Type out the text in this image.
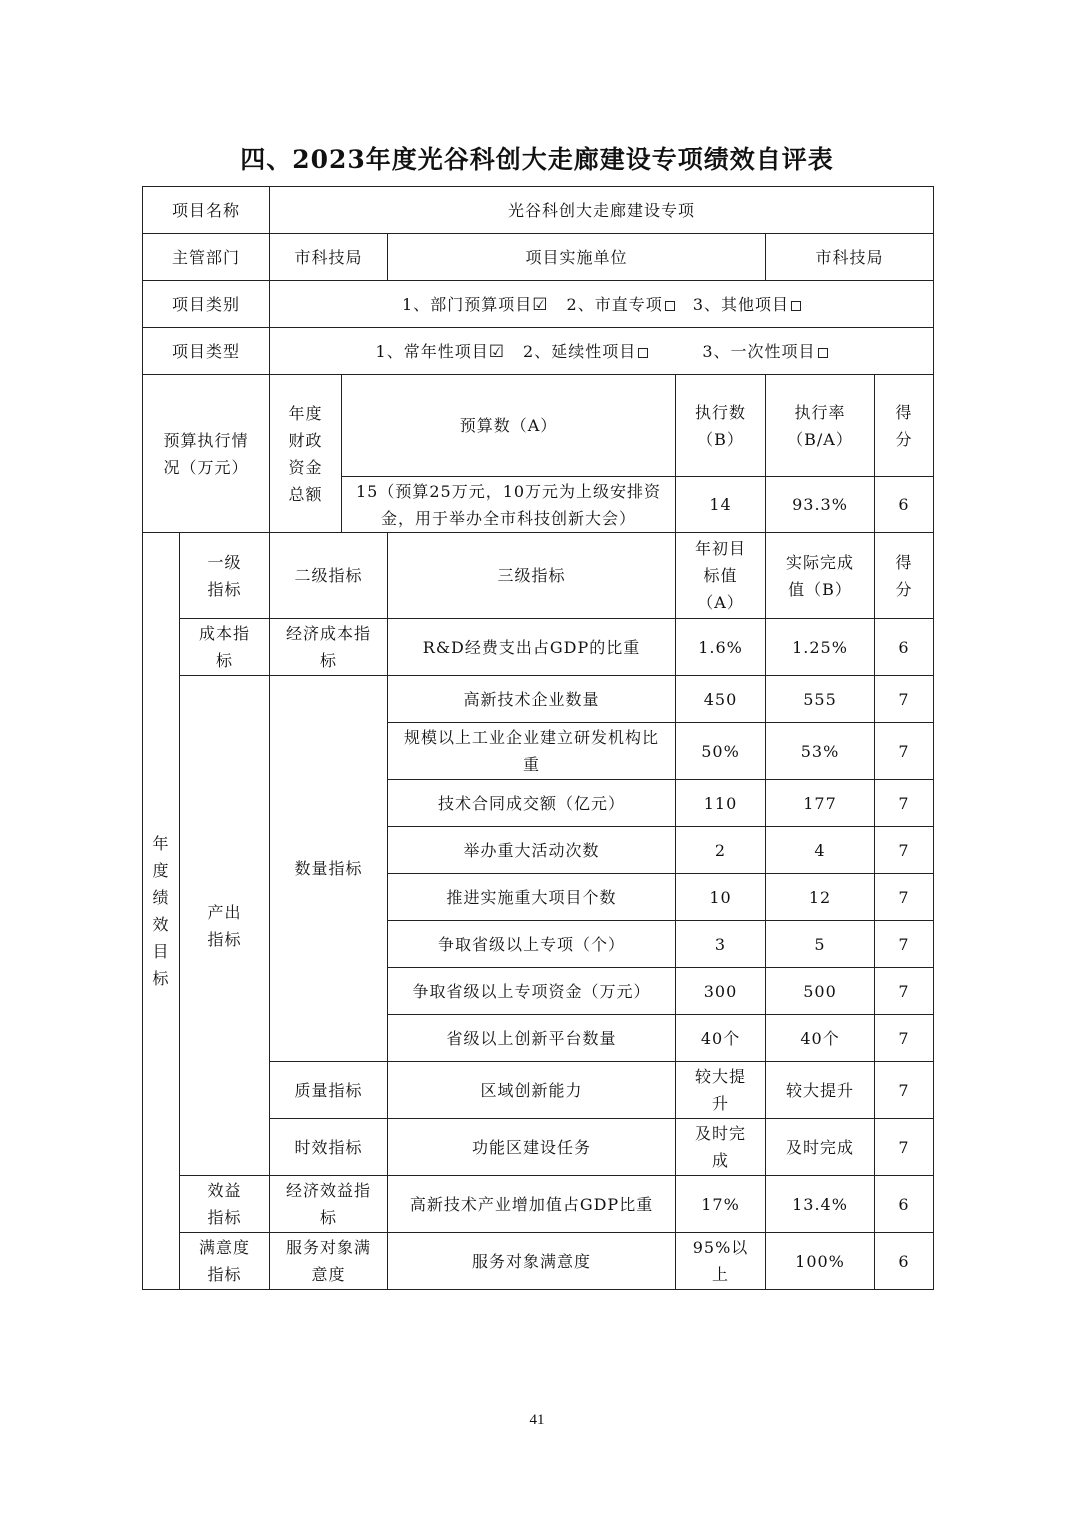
四、2023年度光谷科创大走廊建设专项绩效自评表
项目名称		光谷科创大走廊建设专项					
主管部门		市科技局		项目实施单位		市科技局	
项目类别		1、部门预算项目☑ 2、市直专项 3、其他项目					
项目类型		1、常年性项目☑ 2、延续性项目 3、一次性项目					
预算执行情况（万元）		年度财政资金总额	预算数（A）		执行数（B）	执行率（B/A）	得分
			15（预算25万元，10万元为上级安排资金，用于举办全市科技创新大会）		14	93.3%	6
年度绩效目标	一级指标	二级指标		三级指标	年初目标值（A）	实际完成值（B）	得分
	成本指标	经济成本指标		R&D经费支出占GDP的比重	1.6%	1.25%	6
	产出指标	数量指标		高新技术企业数量	450	555	7
				规模以上工业企业建立研发机构比重	50%	53%	7
				技术合同成交额（亿元）	110	177	7
				举办重大活动次数	2	4	7
				推进实施重大项目个数	10	12	7
				争取省级以上专项（个）	3	5	7
				争取省级以上专项资金（万元）	300	500	7
				省级以上创新平台数量	40个	40个	7
		质量指标		区域创新能力	较大提升	较大提升	7
		时效指标		功能区建设任务	及时完成	及时完成	7
	效益指标	经济效益指标		高新技术产业增加值占GDP比重	17%	13.4%	6
	满意度指标	服务对象满意度		服务对象满意度	95%以上	100%	6
41
